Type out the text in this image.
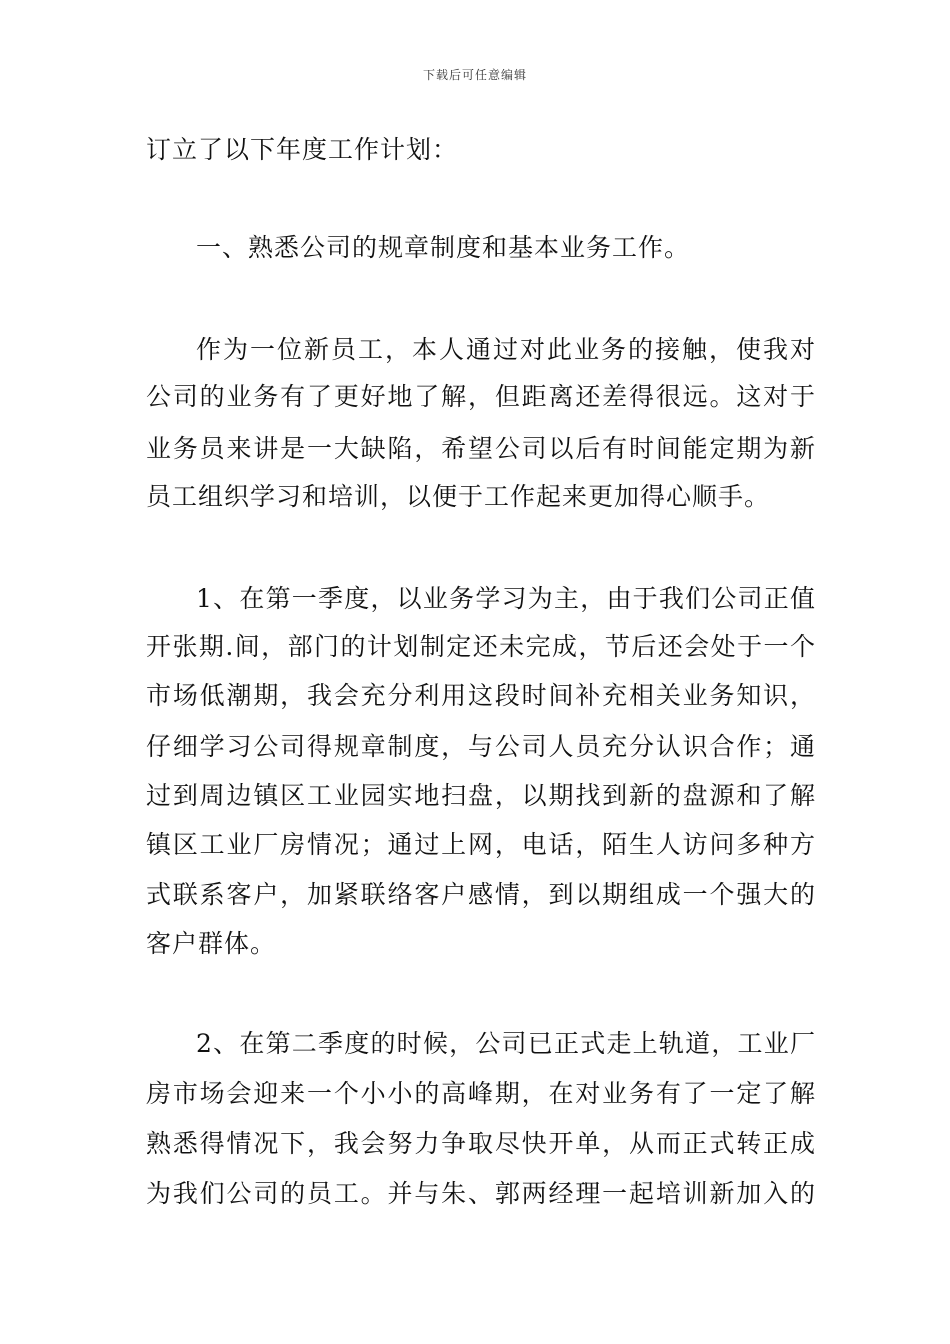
下载后可任意编辑
订立了以下年度工作计划：
一、熟悉公司的规章制度和基本业务工作。
作为一位新员工，本人通过对此业务的接触，使我对
公司的业务有了更好地了解，但距离还差得很远。这对于
业务员来讲是一大缺陷，希望公司以后有时间能定期为新
员工组织学习和培训，以便于工作起来更加得心顺手。
1、在第一季度，以业务学习为主，由于我们公司正值
开张期.间，部门的计划制定还未完成，节后还会处于一个
市场低潮期，我会充分利用这段时间补充相关业务知识，
仔细学习公司得规章制度，与公司人员充分认识合作；通
过到周边镇区工业园实地扫盘，以期找到新的盘源和了解
镇区工业厂房情况；通过上网，电话，陌生人访问多种方
式联系客户，加紧联络客户感情，到以期组成一个强大的
客户群体。
2、在第二季度的时候，公司已正式走上轨道，工业厂
房市场会迎来一个小小的高峰期，在对业务有了一定了解
熟悉得情况下，我会努力争取尽快开单，从而正式转正成
为我们公司的员工。并与朱、郭两经理一起培训新加入的
